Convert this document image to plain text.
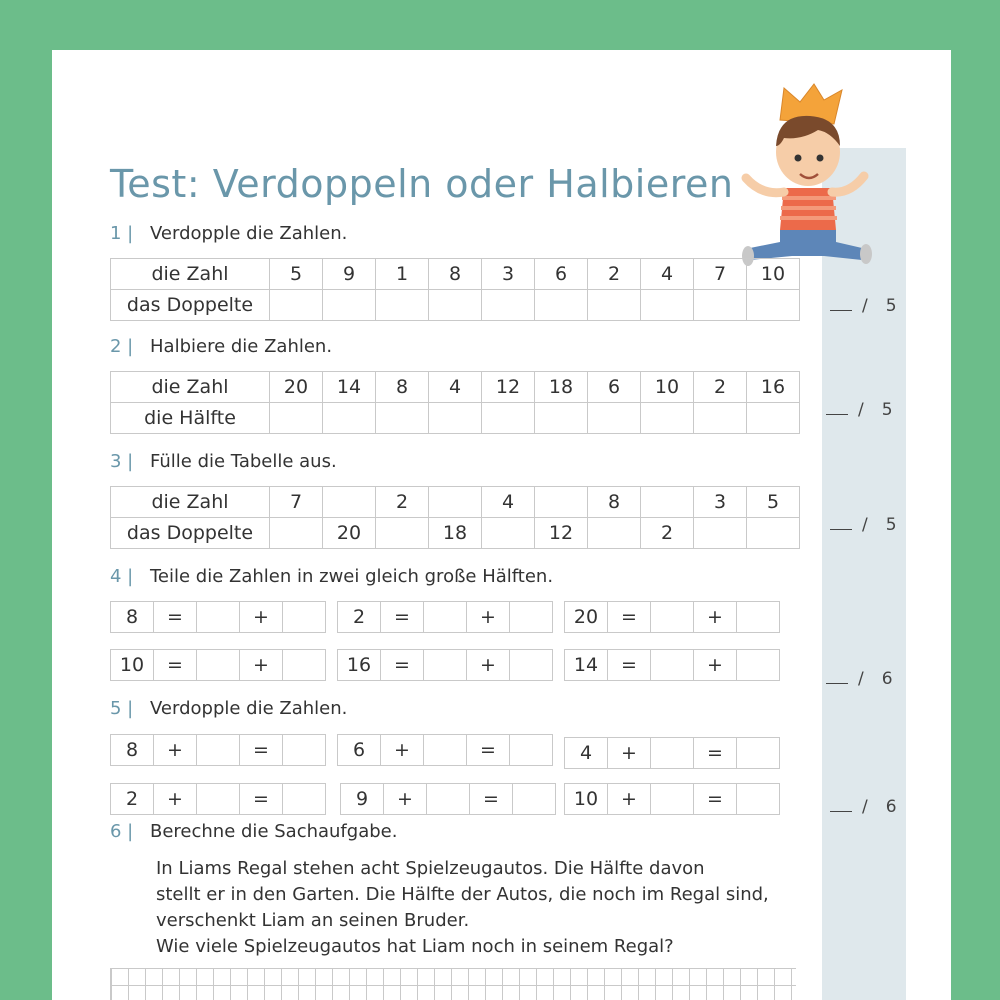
Test: Verdoppeln oder Halbieren
1 | Verdopple die Zahlen.
die Zahl	5	9	1	8	3	6	2	4	7	10
das Doppelte										
2 | Halbiere die Zahlen.
die Zahl	20	14	8	4	12	18	6	10	2	16
die Hälfte										
3 | Fülle die Tabelle aus.
die Zahl	7		2		4		8		3	5
das Doppelte		20		18		12		2		
4 | Teile die Zahlen in zwei gleich große Hälften.
8	=	+	2	=	+	20	=	+
10	=	+	16	=	+	14	=	+
5 | Verdopple die Zahlen.
8	+	=	6	+	=	4	+	=
2	+	=	9	+	=	10	+	=
6 | Berechne die Sachaufgabe.
In Liams Regal stehen acht Spielzeugautos. Die Hälfte davon
stellt er in den Garten. Die Hälfte der Autos, die noch im Regal sind,
verschenkt Liam an seinen Bruder.
Wie viele Spielzeugautos hat Liam noch in seinem Regal?
/ 5
/ 5
/ 5
/ 6
/ 6
